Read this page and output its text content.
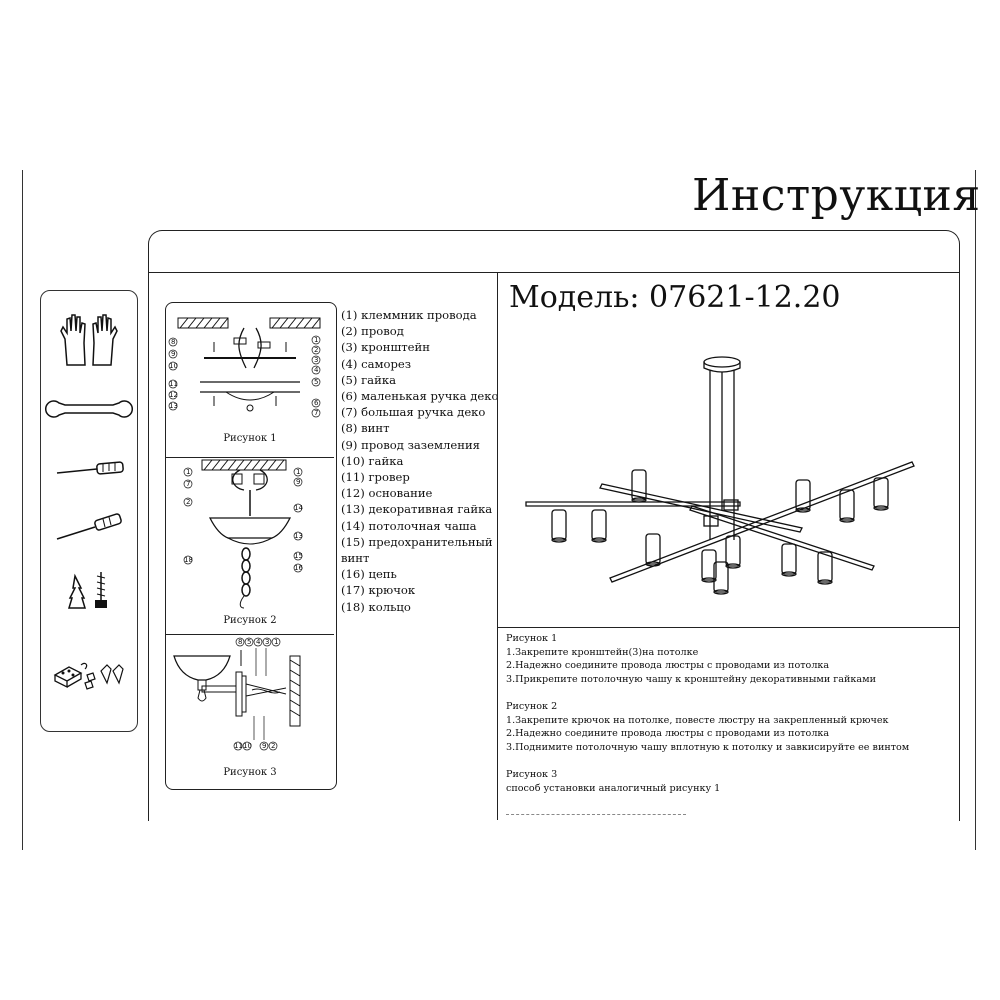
Инструкция
8
9
10
11
12
13
1
2
3
4
5
6
7
Рисунок 1
1
7
2
18
1
9
14
13
15
16
Рисунок 2
8 5 4 3 1
11 10 9 2
Рисунок 3
(1) клеммник провода
(2) провод
(3) кронштейн
(4) саморез
(5) гайка
(6) маленькая ручка деко
(7) большая ручка деко
(8) винт
(9) провод заземления
(10) гайка
(11) гровер
(12) основание
(13) декоративная гайка
(14) потолочная чаша
(15) предохранительный
винт
(16) цепь
(17) крючок
(18) кольцо
Модель: 07621-12.20
Рисунок 1
1.Закрепите кронштейн(3)на потолке
2.Надежно соедините провода люстры с проводами из потолка
3.Прикрепите потолочную чашу к кронштейну декоративными гайками
Рисунок 2
1.Закрепите крючок на потолке, повесте люстру на закрепленный крючек
2.Надежно соедините провода люстры с проводами из потолка
3.Поднимите потолочную чашу вплотную к потолку и завкисируйте ее винтом
Рисунок 3
способ установки аналогичный рисунку 1
